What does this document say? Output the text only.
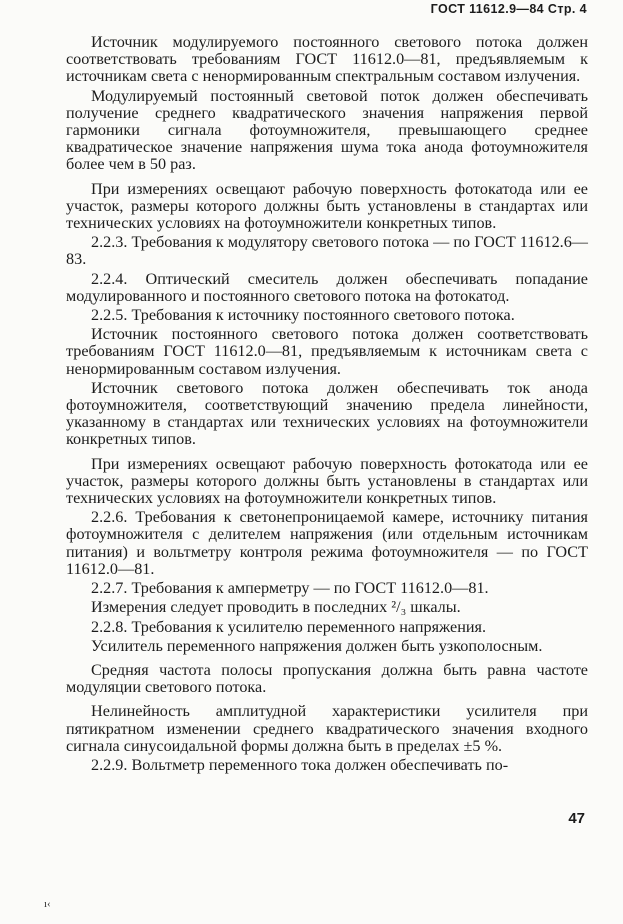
ГОСТ 11612.9—84 Стр. 4

Источник модулируемого постоянного светового потока должен соответствовать требованиям ГОСТ 11612.0—81, предъявляемым к источникам света с ненормированным спектральным составом излучения.

Модулируемый постоянный световой поток должен обеспечивать получение среднего квадратического значения напряжения первой гармоники сигнала фотоумножителя, превышающего среднее квадратическое значение напряжения шума тока анода фотоумножителя более чем в 50 раз.

При измерениях освещают рабочую поверхность фотокатода или ее участок, размеры которого должны быть установлены в стандартах или технических условиях на фотоумножители конкретных типов.

2.2.3. Требования к модулятору светового потока — по ГОСТ 11612.6—83.

2.2.4. Оптический смеситель должен обеспечивать попадание модулированного и постоянного светового потока на фотокатод.

2.2.5. Требования к источнику постоянного светового потока.

Источник постоянного светового потока должен соответствовать требованиям ГОСТ 11612.0—81, предъявляемым к источникам света с ненормированным составом излучения.

Источник светового потока должен обеспечивать ток анода фотоумножителя, соответствующий значению предела линейности, указанному в стандартах или технических условиях на фотоумножители конкретных типов.

При измерениях освещают рабочую поверхность фотокатода или ее участок, размеры которого должны быть установлены в стандартах или технических условиях на фотоумножители конкретных типов.

2.2.6. Требования к светонепроницаемой камере, источнику питания фотоумножителя с делителем напряжения (или отдельным источникам питания) и вольтметру контроля режима фотоумножителя — по ГОСТ 11612.0—81.

2.2.7. Требования к амперметру — по ГОСТ 11612.0—81.

Измерения следует проводить в последних ²/₃ шкалы.

2.2.8. Требования к усилителю переменного напряжения.

Усилитель переменного напряжения должен быть узкополосным.

Средняя частота полосы пропускания должна быть равна частоте модуляции светового потока.

Нелинейность амплитудной характеристики усилителя при пятикратном изменении среднего квадратического значения входного сигнала синусоидальной формы должна быть в пределах ±5 %.

2.2.9. Вольтметр переменного тока должен обеспечивать по-

47
ı‹
